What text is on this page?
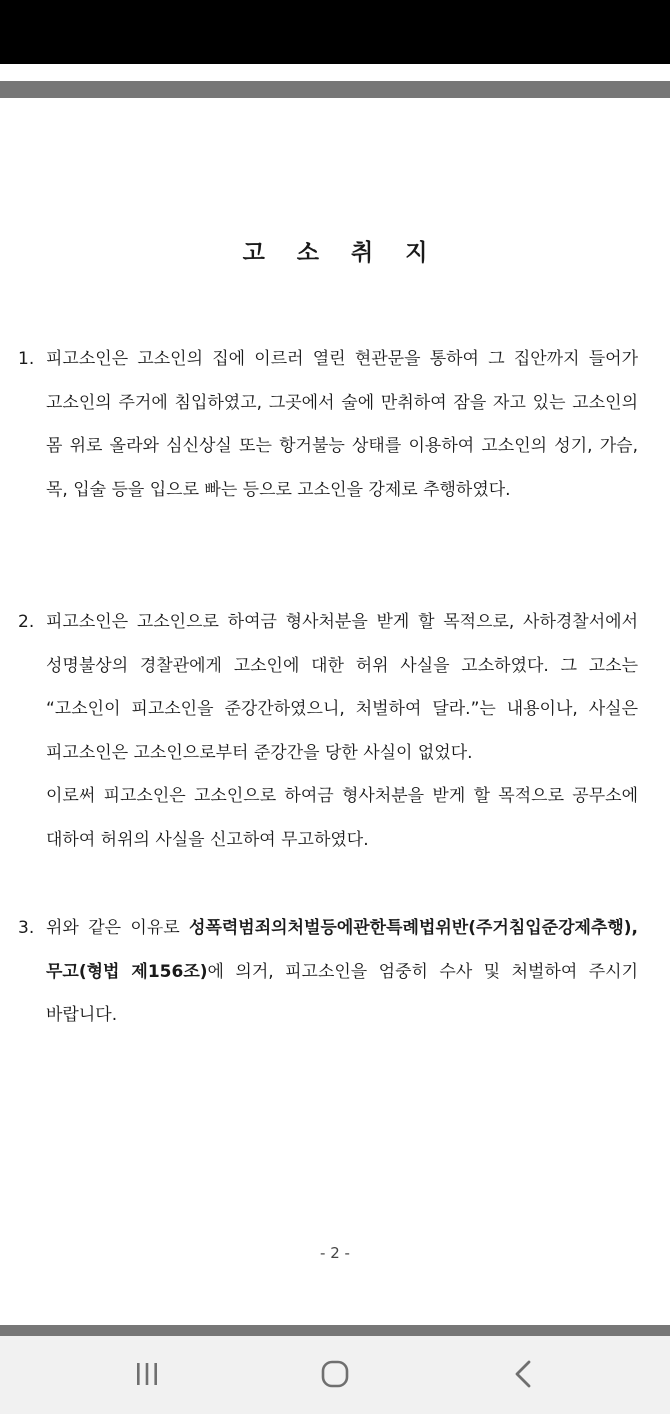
고소취지
1. 피고소인은 고소인의 집에 이르러 열린 현관문을 통하여 그 집안까지 들어가 고소인의 주거에 침입하였고, 그곳에서 술에 만취하여 잠을 자고 있는 고소인의 몸 위로 올라와 심신상실 또는 항거불능 상태를 이용하여 고소인의 성기, 가슴, 목, 입술 등을 입으로 빠는 등으로 고소인을 강제로 추행하였다.

2. 피고소인은 고소인으로 하여금 형사처분을 받게 할 목적으로, 사하경찰서에서 성명불상의 경찰관에게 고소인에 대한 허위 사실을 고소하였다. 그 고소는 “고소인이 피고소인을 준강간하였으니, 처벌하여 달라.”는 내용이나, 사실은 피고소인은 고소인으로부터 준강간을 당한 사실이 없었다.

이로써 피고소인은 고소인으로 하여금 형사처분을 받게 할 목적으로 공무소에 대하여 허위의 사실을 신고하여 무고하였다.

3. 위와 같은 이유로 성폭력범죄의처벌등에관한특례법위반(주거침입준강제추행), 무고(형법 제156조)에 의거, 피고소인을 엄중히 수사 및 처벌하여 주시기 바랍니다.

- 2 -
